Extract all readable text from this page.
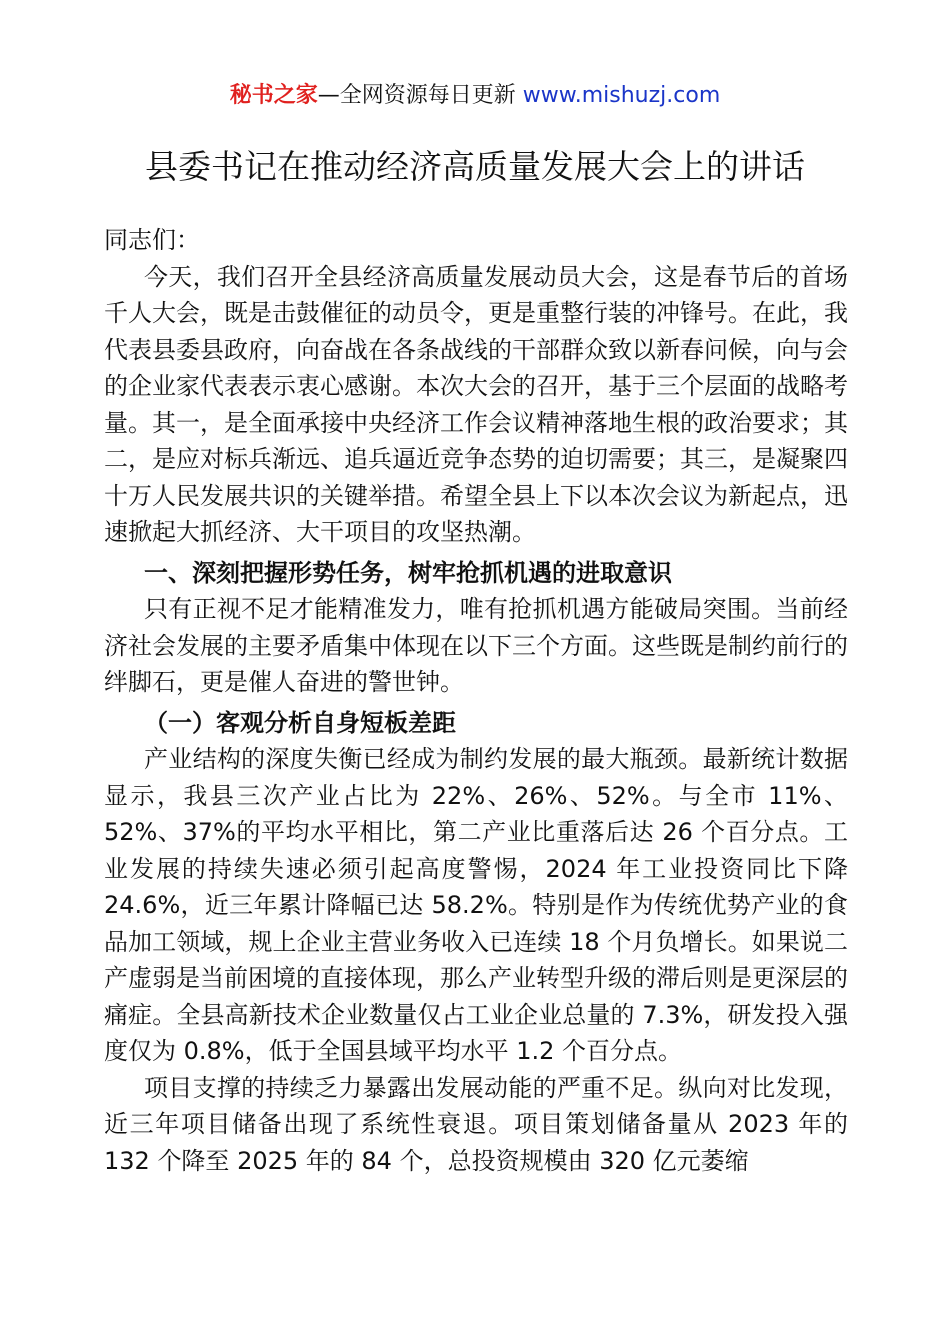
秘书之家—全网资源每日更新 www.mishuzj.com
县委书记在推动经济高质量发展大会上的讲话

同志们：

今天，我们召开全县经济高质量发展动员大会，这是春节后的首场千人大会，既是击鼓催征的动员令，更是重整行装的冲锋号。在此，我代表县委县政府，向奋战在各条战线的干部群众致以新春问候，向与会的企业家代表表示衷心感谢。本次大会的召开，基于三个层面的战略考量。其一，是全面承接中央经济工作会议精神落地生根的政治要求；其二，是应对标兵渐远、追兵逼近竞争态势的迫切需要；其三，是凝聚四十万人民发展共识的关键举措。希望全县上下以本次会议为新起点，迅速掀起大抓经济、大干项目的攻坚热潮。

一、深刻把握形势任务，树牢抢抓机遇的进取意识

只有正视不足才能精准发力，唯有抢抓机遇方能破局突围。当前经济社会发展的主要矛盾集中体现在以下三个方面。这些既是制约前行的绊脚石，更是催人奋进的警世钟。

（一）客观分析自身短板差距

产业结构的深度失衡已经成为制约发展的最大瓶颈。最新统计数据显示，我县三次产业占比为 22%、26%、52%。与全市 11%、52%、37%的平均水平相比，第二产业比重落后达 26 个百分点。工业发展的持续失速必须引起高度警惕，2024 年工业投资同比下降 24.6%，近三年累计降幅已达 58.2%。特别是作为传统优势产业的食品加工领域，规上企业主营业务收入已连续 18 个月负增长。如果说二产虚弱是当前困境的直接体现，那么产业转型升级的滞后则是更深层的痛症。全县高新技术企业数量仅占工业企业总量的 7.3%，研发投入强度仅为 0.8%，低于全国县域平均水平 1.2 个百分点。

项目支撑的持续乏力暴露出发展动能的严重不足。纵向对比发现，近三年项目储备出现了系统性衰退。项目策划储备量从 2023 年的 132 个降至 2025 年的 84 个，总投资规模由 320 亿元萎缩
